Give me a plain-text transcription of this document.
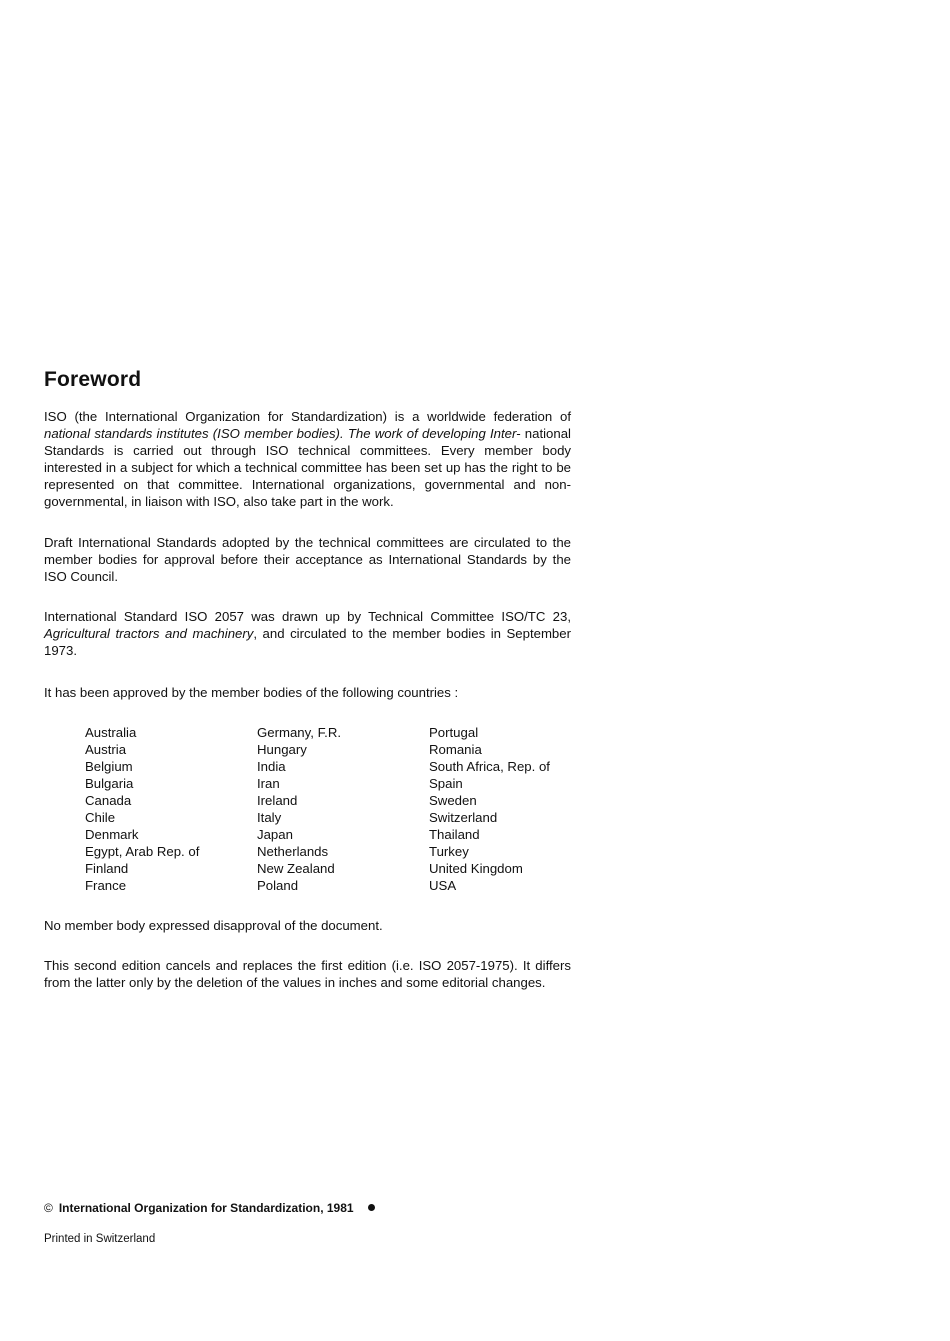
Foreword

ISO (the International Organization for Standardization) is a worldwide federation of national standards institutes (ISO member bodies). The work of developing Inter- national Standards is carried out through ISO technical committees. Every member body interested in a subject for which a technical committee has been set up has the right to be represented on that committee. International organizations, governmental and non-governmental, in liaison with ISO, also take part in the work.

Draft International Standards adopted by the technical committees are circulated to the member bodies for approval before their acceptance as International Standards by the ISO Council.

International Standard ISO 2057 was drawn up by Technical Committee ISO/TC 23, Agricultural tractors and machinery, and circulated to the member bodies in September 1973.

It has been approved by the member bodies of the following countries :

Australia
Austria
Belgium
Bulgaria
Canada
Chile
Denmark
Egypt, Arab Rep. of
Finland
France
Germany, F.R.
Hungary
India
Iran
Ireland
Italy
Japan
Netherlands
New Zealand
Poland
Portugal
Romania
South Africa, Rep. of
Spain
Sweden
Switzerland
Thailand
Turkey
United Kingdom
USA

No member body expressed disapproval of the document.

This second edition cancels and replaces the first edition (i.e. ISO 2057-1975). It differs from the latter only by the deletion of the values in inches and some editorial changes.

© International Organization for Standardization, 1981
Printed in Switzerland
